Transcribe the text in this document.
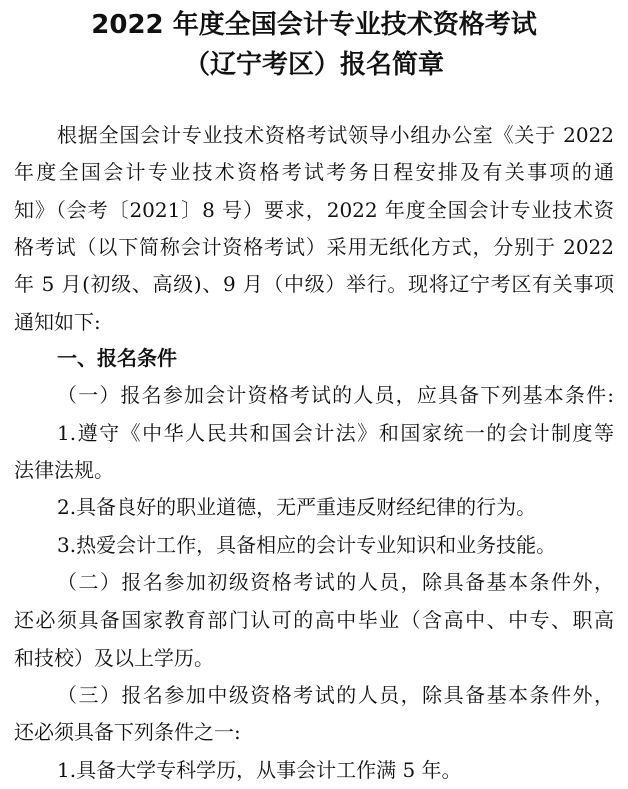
2022 年度全国会计专业技术资格考试
（辽宁考区）报名简章
根据全国会计专业技术资格考试领导小组办公室《关于 2022
年度全国会计专业技术资格考试考务日程安排及有关事项的通
知》（会考〔2021〕8 号）要求，2022 年度全国会计专业技术资
格考试（以下简称会计资格考试）采用无纸化方式，分别于 2022
年 5 月(初级、高级)、9 月（中级）举行。现将辽宁考区有关事项
通知如下:
一、报名条件
（一）报名参加会计资格考试的人员，应具备下列基本条件:
1.遵守《中华人民共和国会计法》和国家统一的会计制度等
法律法规。
2.具备良好的职业道德，无严重违反财经纪律的行为。
3.热爱会计工作，具备相应的会计专业知识和业务技能。
（二）报名参加初级资格考试的人员，除具备基本条件外，
还必须具备国家教育部门认可的高中毕业（含高中、中专、职高
和技校）及以上学历。
（三）报名参加中级资格考试的人员，除具备基本条件外，
还必须具备下列条件之一:
1.具备大学专科学历，从事会计工作满 5 年。
